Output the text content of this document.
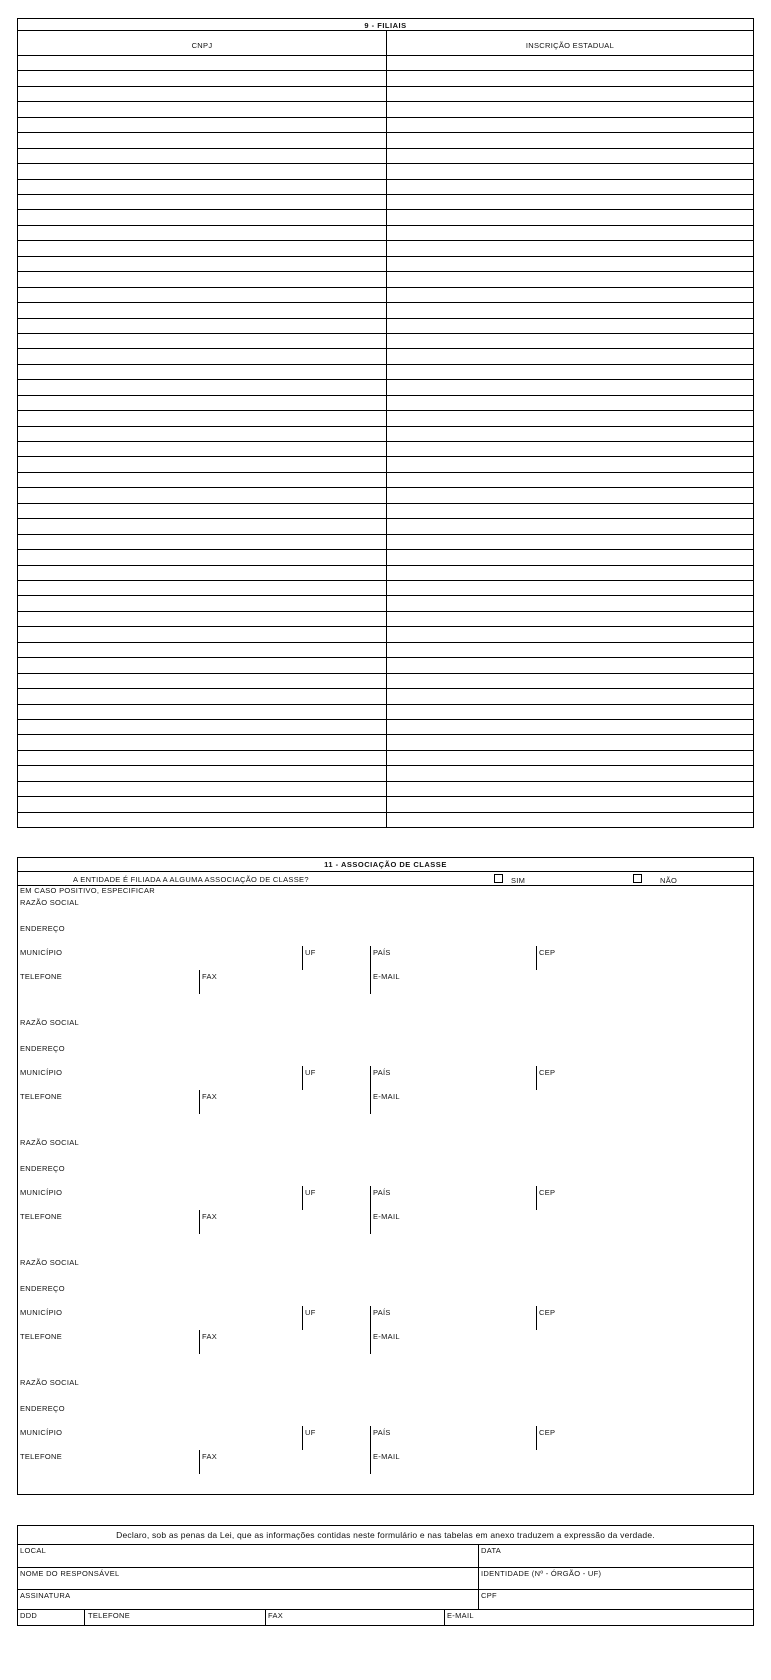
9 - FILIAIS
CNPJ	INSCRIÇÃO ESTADUAL
11 - ASSOCIAÇÃO DE CLASSE
A ENTIDADE É FILIADA A ALGUMA ASSOCIAÇÃO DE CLASSE?	SIM	NÃO
EM CASO POSITIVO, ESPECIFICAR
RAZÃO SOCIAL
ENDEREÇO
MUNICÍPIO	UF	PAÍS	CEP
TELEFONE	FAX	E-MAIL
RAZÃO SOCIAL
ENDEREÇO
MUNICÍPIO	UF	PAÍS	CEP
TELEFONE	FAX	E-MAIL
RAZÃO SOCIAL
ENDEREÇO
MUNICÍPIO	UF	PAÍS	CEP
TELEFONE	FAX	E-MAIL
RAZÃO SOCIAL
ENDEREÇO
MUNICÍPIO	UF	PAÍS	CEP
TELEFONE	FAX	E-MAIL
RAZÃO SOCIAL
ENDEREÇO
MUNICÍPIO	UF	PAÍS	CEP
TELEFONE	FAX	E-MAIL
Declaro, sob as penas da Lei, que as informações contidas neste formulário e nas tabelas em anexo traduzem a expressão da verdade.
LOCAL	DATA
NOME DO RESPONSÁVEL	IDENTIDADE (Nº - ÓRGÃO - UF)
ASSINATURA	CPF
DDD	TELEFONE	FAX	E-MAIL
